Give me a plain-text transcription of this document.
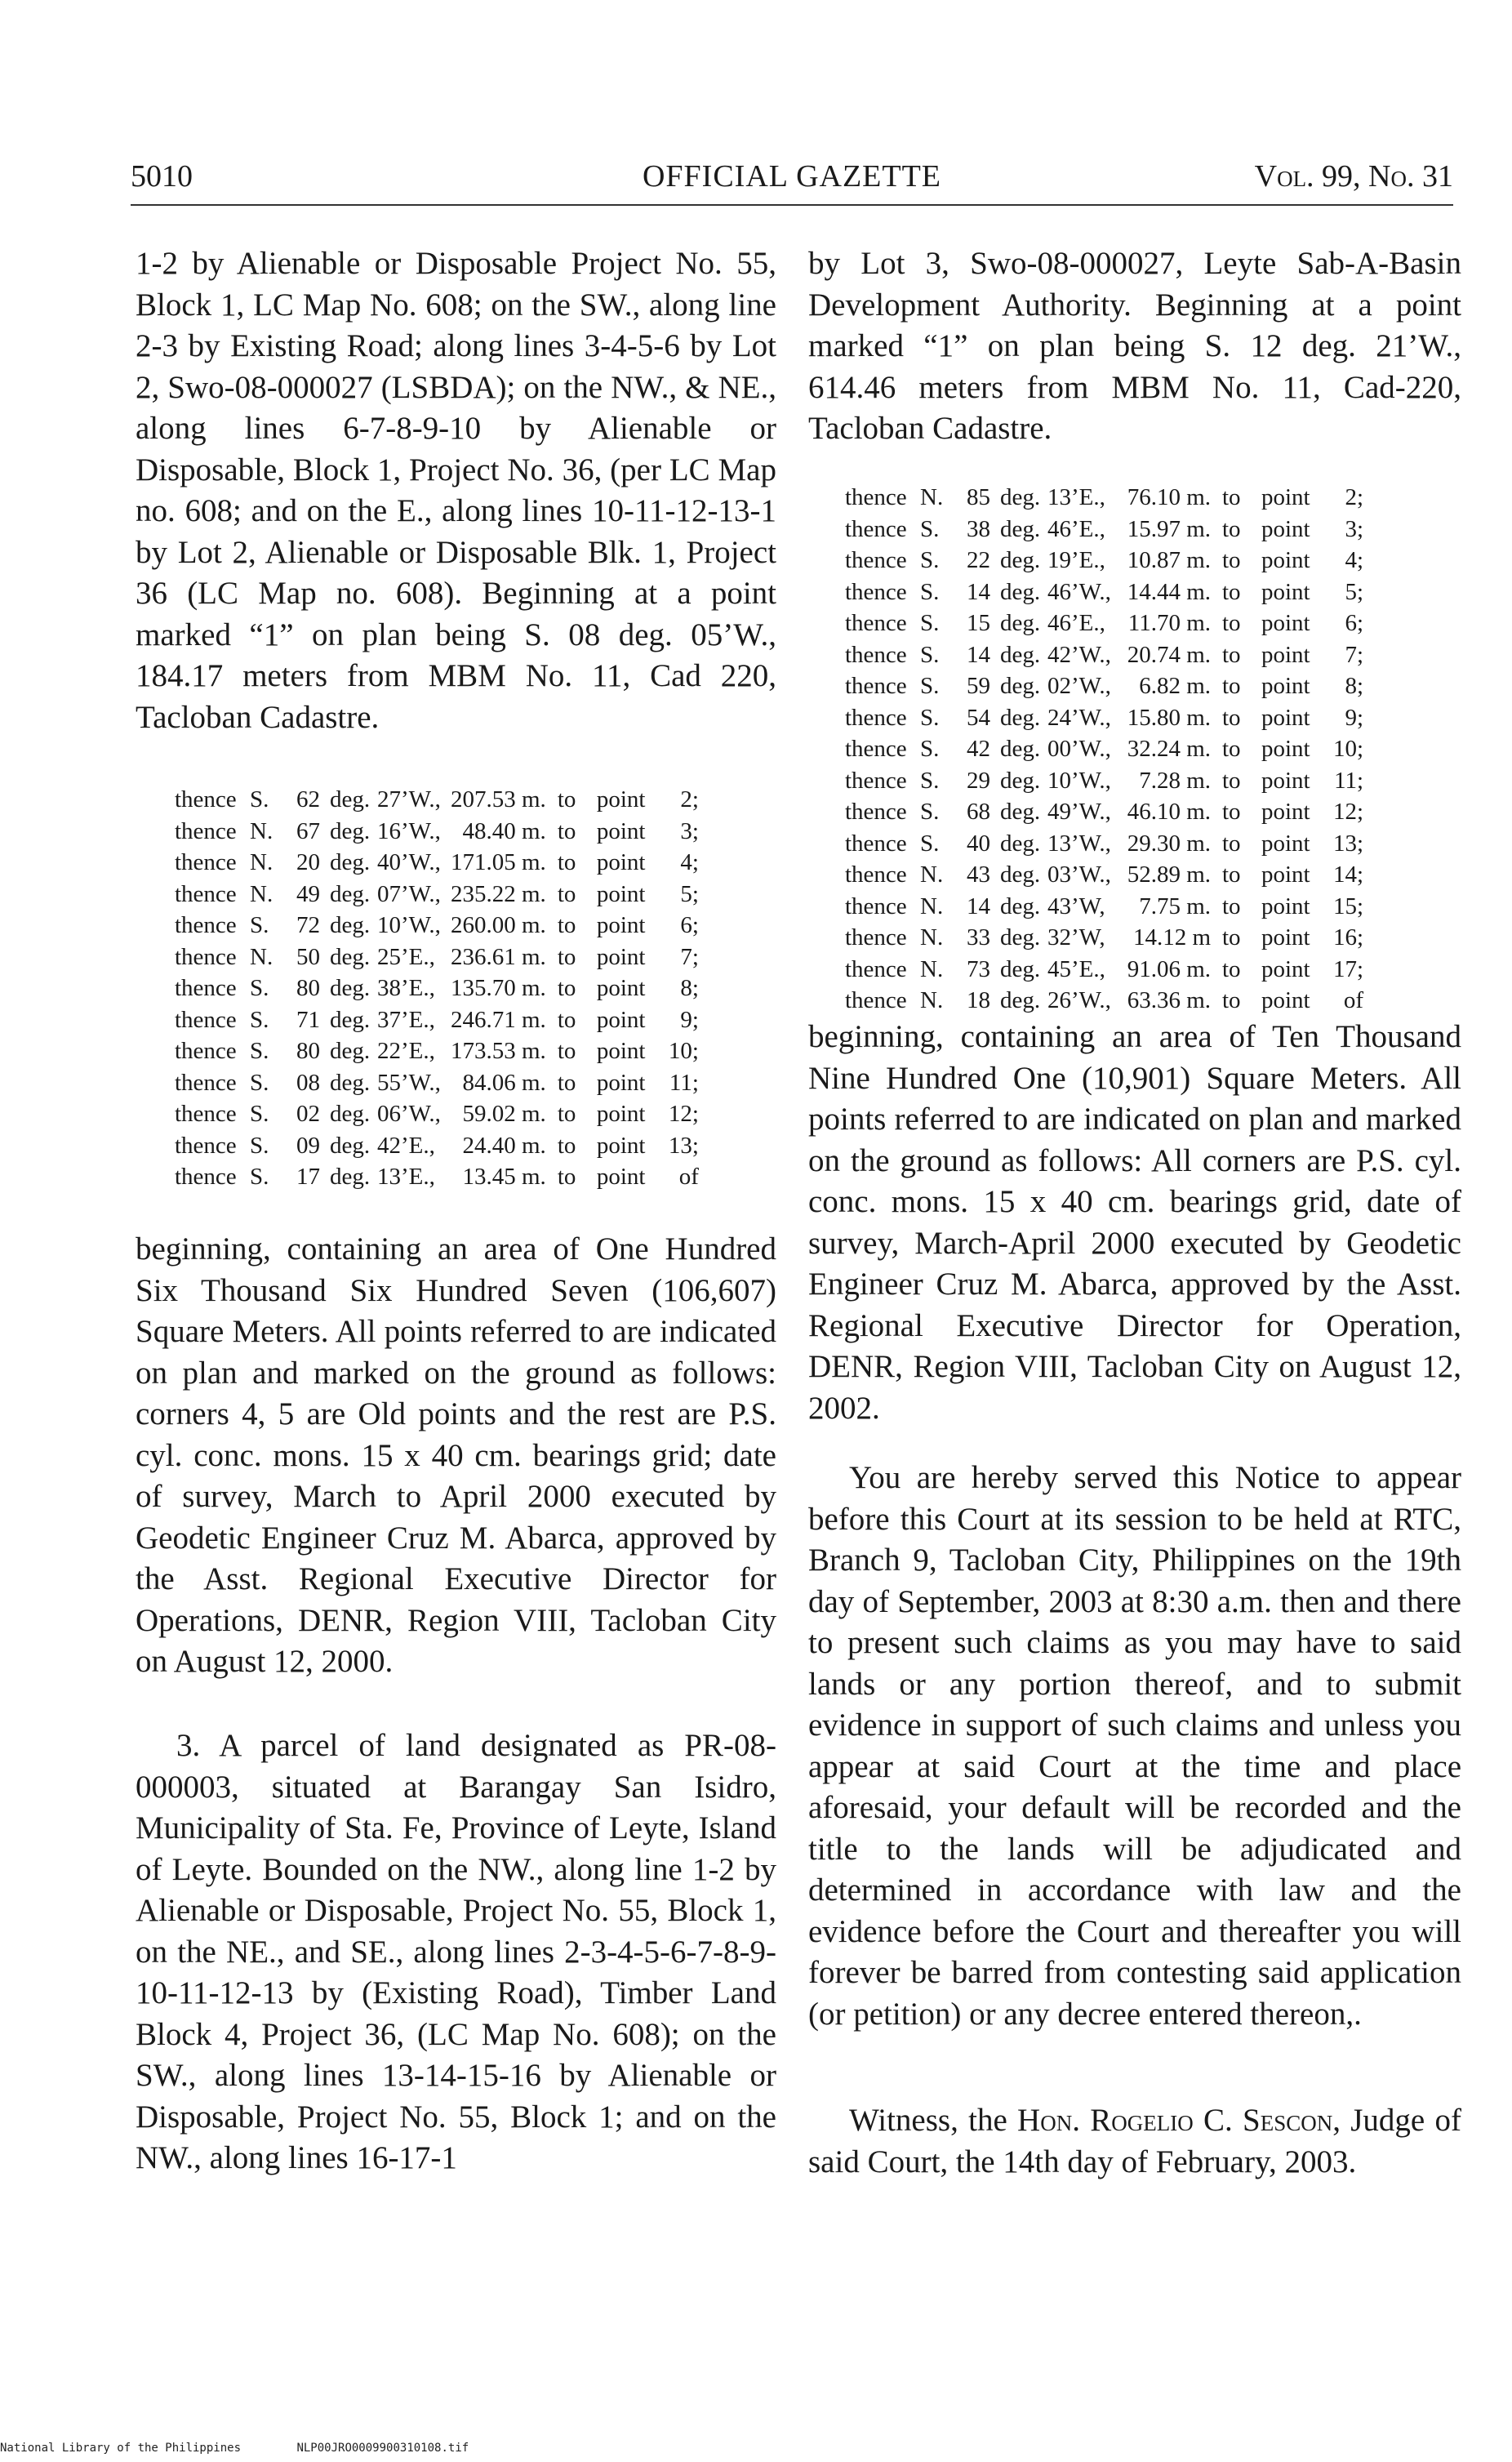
5010	OFFICIAL GAZETTE	Vol. 99, No. 31

1-2 by Alienable or Disposable Project No. 55, Block 1, LC Map No. 608; on the SW., along line 2-3 by Existing Road; along lines 3-4-5-6 by Lot 2, Swo-08-000027 (LSBDA); on the NW., & NE., along lines 6-7-8-9-10 by Alienable or Disposable, Block 1, Project No. 36, (per LC Map no. 608; and on the E., along lines 10-11-12-13-1 by Lot 2, Alienable or Disposable Blk. 1, Project 36 (LC Map no. 608). Beginning at a point marked “1” on plan being S. 08 deg. 05’W., 184.17 meters from MBM No. 11, Cad 220, Tacloban Cadastre.

thence	S.	62	deg.	27’W.,	207.53 m.	to	point	2;
thence	N.	67	deg.	16’W.,	48.40 m.	to	point	3;
thence	N.	20	deg.	40’W.,	171.05 m.	to	point	4;
thence	N.	49	deg.	07’W.,	235.22 m.	to	point	5;
thence	S.	72	deg.	10’W.,	260.00 m.	to	point	6;
thence	N.	50	deg.	25’E.,	236.61 m.	to	point	7;
thence	S.	80	deg.	38’E.,	135.70 m.	to	point	8;
thence	S.	71	deg.	37’E.,	246.71 m.	to	point	9;
thence	S.	80	deg.	22’E.,	173.53 m.	to	point	10;
thence	S.	08	deg.	55’W.,	84.06 m.	to	point	11;
thence	S.	02	deg.	06’W.,	59.02 m.	to	point	12;
thence	S.	09	deg.	42’E.,	24.40 m.	to	point	13;
thence	S.	17	deg.	13’E.,	13.45 m.	to	point	of

beginning, containing an area of One Hundred Six Thousand Six Hundred Seven (106,607) Square Meters. All points referred to are indicated on plan and marked on the ground as follows: corners 4, 5 are Old points and the rest are P.S. cyl. conc. mons. 15 x 40 cm. bearings grid; date of survey, March to April 2000 executed by Geodetic Engineer Cruz M. Abarca, approved by the Asst. Regional Executive Director for Operations, DENR, Region VIII, Tacloban City on August 12, 2000.

3. A parcel of land designated as PR-08-000003, situated at Barangay San Isidro, Municipality of Sta. Fe, Province of Leyte, Island of Leyte. Bounded on the NW., along line 1-2 by Alienable or Disposable, Project No. 55, Block 1, on the NE., and SE., along lines 2-3-4-5-6-7-8-9-10-11-12-13 by (Existing Road), Timber Land Block 4, Project 36, (LC Map No. 608); on the SW., along lines 13-14-15-16 by Alienable or Disposable, Project No. 55, Block 1; and on the NW., along lines 16-17-1

by Lot 3, Swo-08-000027, Leyte Sab-A-Basin Development Authority. Beginning at a point marked “1” on plan being S. 12 deg. 21’W., 614.46 meters from MBM No. 11, Cad-220, Tacloban Cadastre.

thence	N.	85	deg.	13’E.,	76.10 m.	to	point	2;
thence	S.	38	deg.	46’E.,	15.97 m.	to	point	3;
thence	S.	22	deg.	19’E.,	10.87 m.	to	point	4;
thence	S.	14	deg.	46’W.,	14.44 m.	to	point	5;
thence	S.	15	deg.	46’E.,	11.70 m.	to	point	6;
thence	S.	14	deg.	42’W.,	20.74 m.	to	point	7;
thence	S.	59	deg.	02’W.,	6.82 m.	to	point	8;
thence	S.	54	deg.	24’W.,	15.80 m.	to	point	9;
thence	S.	42	deg.	00’W.,	32.24 m.	to	point	10;
thence	S.	29	deg.	10’W.,	7.28 m.	to	point	11;
thence	S.	68	deg.	49’W.,	46.10 m.	to	point	12;
thence	S.	40	deg.	13’W.,	29.30 m.	to	point	13;
thence	N.	43	deg.	03’W.,	52.89 m.	to	point	14;
thence	N.	14	deg.	43’W,	7.75 m.	to	point	15;
thence	N.	33	deg.	32’W,	14.12 m	to	point	16;
thence	N.	73	deg.	45’E.,	91.06 m.	to	point	17;
thence	N.	18	deg.	26’W.,	63.36 m.	to	point	of

beginning, containing an area of Ten Thousand Nine Hundred One (10,901) Square Meters. All points referred to are indicated on plan and marked on the ground as follows: All corners are P.S. cyl. conc. mons. 15 x 40 cm. bearings grid, date of survey, March-April 2000 executed by Geodetic Engineer Cruz M. Abarca, approved by the Asst. Regional Executive Director for Operation, DENR, Region VIII, Tacloban City on August 12, 2002.

You are hereby served this Notice to appear before this Court at its session to be held at RTC, Branch 9, Tacloban City, Philippines on the 19th day of September, 2003 at 8:30 a.m. then and there to present such claims as you may have to said lands or any portion thereof, and to submit evidence in support of such claims and unless you appear at said Court at the time and place aforesaid, your default will be recorded and the title to the lands will be adjudicated and determined in accordance with law and the evidence before the Court and thereafter you will forever be barred from contesting said application (or petition) or any decree entered thereon,.

Witness, the Hon. Rogelio C. Sescon, Judge of said Court, the 14th day of February, 2003.

National Library of the Philippines	NLP00JRO0009900310108.tif
